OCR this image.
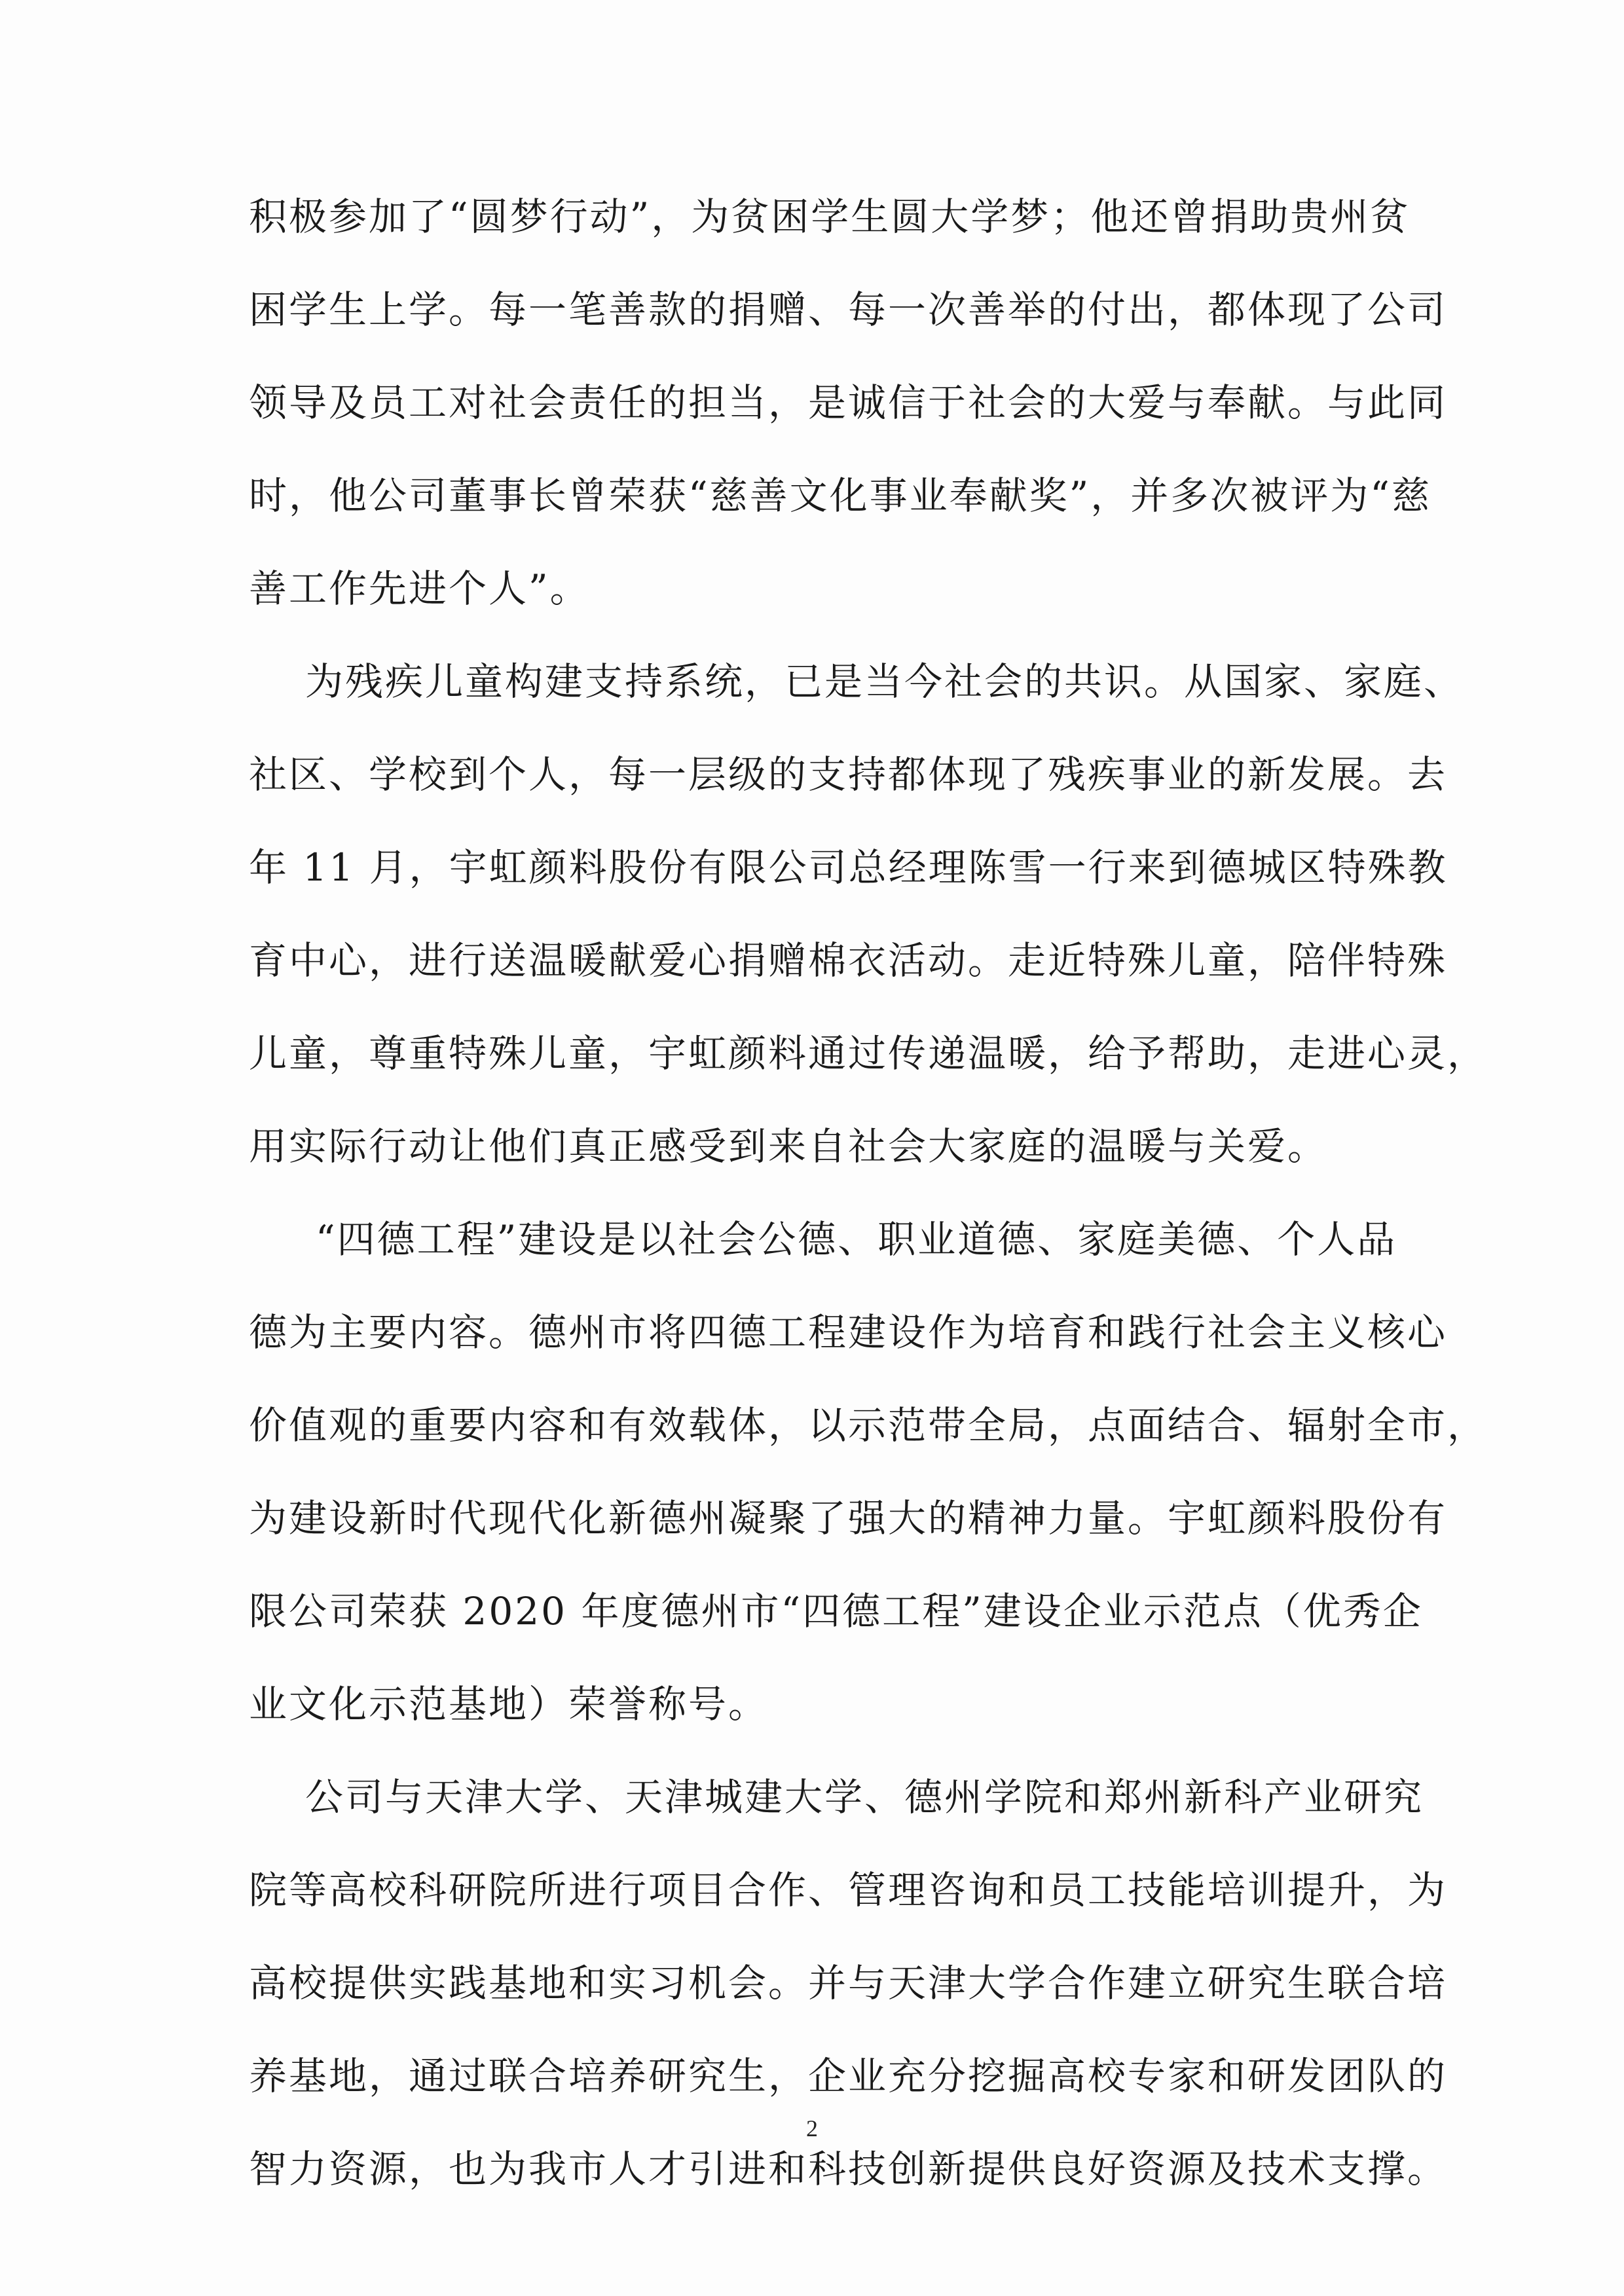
积极参加了“圆梦行动”，为贫困学生圆大学梦；他还曾捐助贵州贫
困学生上学。每一笔善款的捐赠、每一次善举的付出，都体现了公司
领导及员工对社会责任的担当，是诚信于社会的大爱与奉献。与此同
时，他公司董事长曾荣获“慈善文化事业奉献奖”，并多次被评为“慈
善工作先进个人”。
为残疾儿童构建支持系统，已是当今社会的共识。从国家、家庭、
社区、学校到个人，每一层级的支持都体现了残疾事业的新发展。去
年 11 月，宇虹颜料股份有限公司总经理陈雪一行来到德城区特殊教
育中心，进行送温暖献爱心捐赠棉衣活动。走近特殊儿童，陪伴特殊
儿童，尊重特殊儿童，宇虹颜料通过传递温暖，给予帮助，走进心灵，
用实际行动让他们真正感受到来自社会大家庭的温暖与关爱。
“四德工程”建设是以社会公德、职业道德、家庭美德、个人品
德为主要内容。德州市将四德工程建设作为培育和践行社会主义核心
价值观的重要内容和有效载体，以示范带全局，点面结合、辐射全市，
为建设新时代现代化新德州凝聚了强大的精神力量。宇虹颜料股份有
限公司荣获 2020 年度德州市“四德工程”建设企业示范点（优秀企
业文化示范基地）荣誉称号。
公司与天津大学、天津城建大学、德州学院和郑州新科产业研究
院等高校科研院所进行项目合作、管理咨询和员工技能培训提升，为
高校提供实践基地和实习机会。并与天津大学合作建立研究生联合培
养基地，通过联合培养研究生，企业充分挖掘高校专家和研发团队的
智力资源，也为我市人才引进和科技创新提供良好资源及技术支撑。
2
